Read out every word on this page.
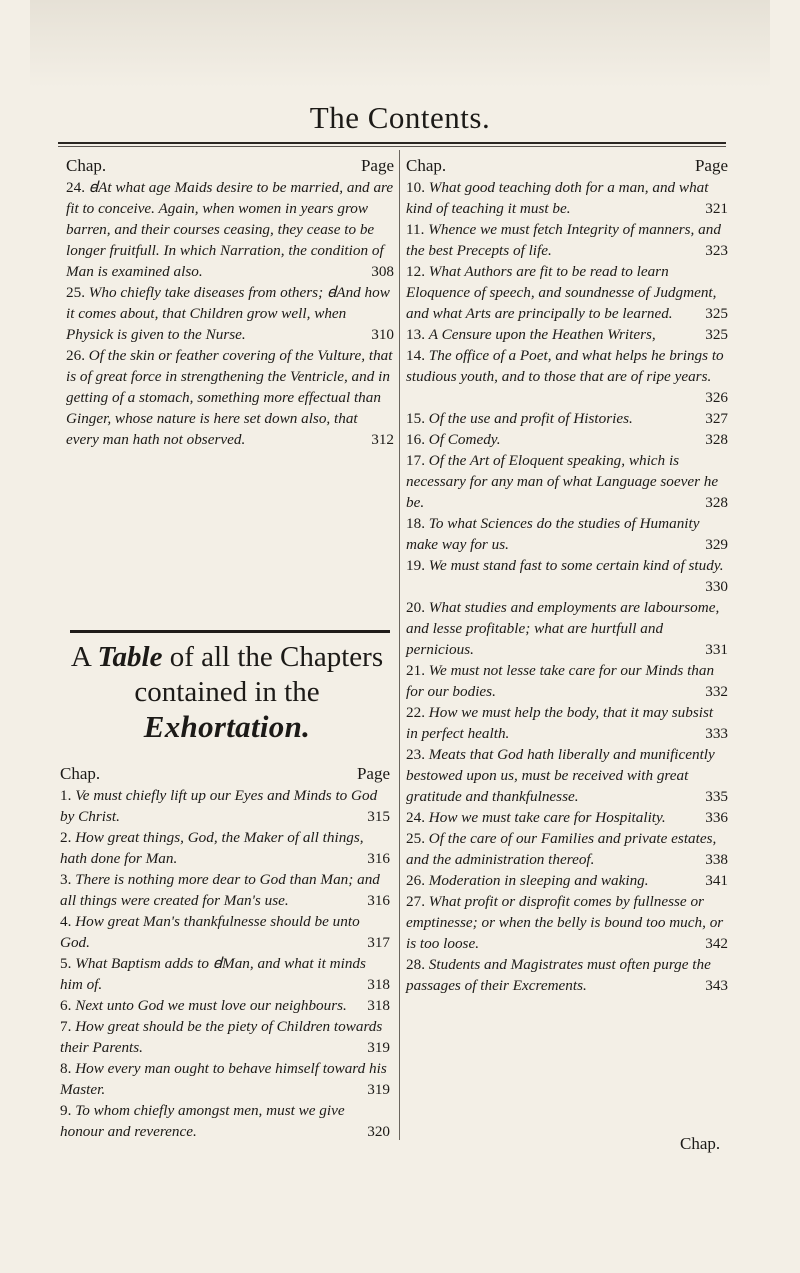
The Contents.
Chap.	Page

24. ꟈAt what age Maids desire to be married, and are fit to conceive. Again, when women in years grow barren, and their courses ceasing, they cease to be longer fruitfull. In which Narration, the condition of Man is examined also.	308

25. Who chiefly take diseases from others; ꟈAnd how it comes about, that Children grow well, when Physick is given to the Nurse.	310

26. Of the skin or feather covering of the Vulture, that is of great force in strengthening the Ventricle, and in getting of a stomach, something more effectual than Ginger, whose nature is here set down also, that every man hath not observed.	312

A Table of all the Chapters contained in the
Exhortation.
Chap.	Page

1. Ve must chiefly lift up our Eyes and Minds to God by Christ.	315

2. How great things, God, the Maker of all things, hath done for Man.	316

3. There is nothing more dear to God than Man; and all things were created for Man's use.	316

4. How great Man's thankfulnesse should be unto God.	317

5. What Baptism adds to ꟈMan, and what it minds him of.	318

6. Next unto God we must love our neighbours. 318

7. How great should be the piety of Children towards their Parents.	319

8. How every man ought to behave himself toward his Master.	319

9. To whom chiefly amongst men, must we give honour and reverence.	320

Chap.	Page

10. What good teaching doth for a man, and what kind of teaching it must be.	321

11. Whence we must fetch Integrity of manners, and the best Precepts of life.	323

12. What Authors are fit to be read to learn Eloquence of speech, and soundnesse of Judgment, and what Arts are principally to be learned. 325

13. A Censure upon the Heathen Writers,	325

14. The office of a Poet, and what helps he brings to studious youth, and to those that are of ripe years.
326

15. Of the use and profit of Histories.	327

16. Of Comedy.	328

17. Of the Art of Eloquent speaking, which is necessary for any man of what Language soever he be.	328

18. To what Sciences do the studies of Humanity make way for us.	329

19. We must stand fast to some certain kind of study.
330

20. What studies and employments are laboursome, and lesse profitable; what are hurtfull and pernicious.	331

21. We must not lesse take care for our Minds than for our bodies.	332

22. How we must help the body, that it may subsist in perfect health.	333

23. Meats that God hath liberally and munificently bestowed upon us, must be received with great gratitude and thankfulnesse.	335

24. How we must take care for Hospitality.	336

25. Of the care of our Families and private estates, and the administration thereof.	338

26. Moderation in sleeping and waking.	341

27. What profit or disprofit comes by fullnesse or emptinesse; or when the belly is bound too much, or is too loose.	342

28. Students and Magistrates must often purge the passages of their Excrements.	343

Chap.
